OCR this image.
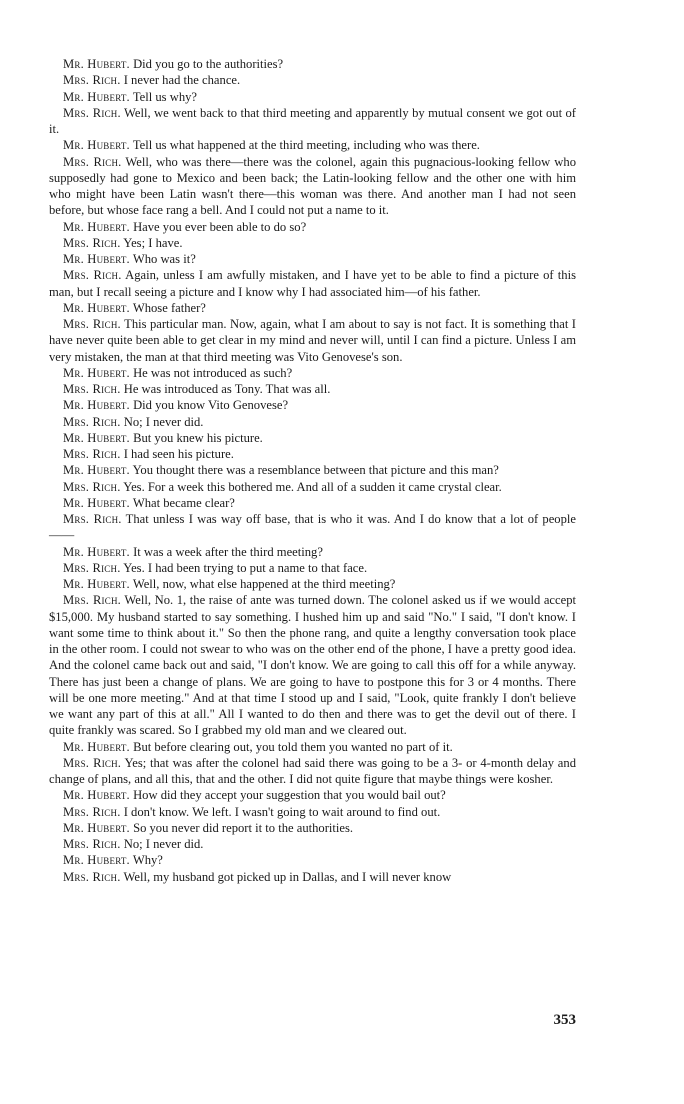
Mr. Hubert. Did you go to the authorities?

Mrs. Rich. I never had the chance.

Mr. Hubert. Tell us why?

Mrs. Rich. Well, we went back to that third meeting and apparently by mutual consent we got out of it.

Mr. Hubert. Tell us what happened at the third meeting, including who was there.

Mrs. Rich. Well, who was there—there was the colonel, again this pugnacious-looking fellow who supposedly had gone to Mexico and been back; the Latin-looking fellow and the other one with him who might have been Latin wasn't there—this woman was there. And another man I had not seen before, but whose face rang a bell. And I could not put a name to it.

Mr. Hubert. Have you ever been able to do so?

Mrs. Rich. Yes; I have.

Mr. Hubert. Who was it?

Mrs. Rich. Again, unless I am awfully mistaken, and I have yet to be able to find a picture of this man, but I recall seeing a picture and I know why I had associated him—of his father.

Mr. Hubert. Whose father?

Mrs. Rich. This particular man. Now, again, what I am about to say is not fact. It is something that I have never quite been able to get clear in my mind and never will, until I can find a picture. Unless I am very mistaken, the man at that third meeting was Vito Genovese's son.

Mr. Hubert. He was not introduced as such?

Mrs. Rich. He was introduced as Tony. That was all.

Mr. Hubert. Did you know Vito Genovese?

Mrs. Rich. No; I never did.

Mr. Hubert. But you knew his picture.

Mrs. Rich. I had seen his picture.

Mr. Hubert. You thought there was a resemblance between that picture and this man?

Mrs. Rich. Yes. For a week this bothered me. And all of a sudden it came crystal clear.

Mr. Hubert. What became clear?

Mrs. Rich. That unless I was way off base, that is who it was. And I do know that a lot of people——

Mr. Hubert. It was a week after the third meeting?

Mrs. Rich. Yes. I had been trying to put a name to that face.

Mr. Hubert. Well, now, what else happened at the third meeting?

Mrs. Rich. Well, No. 1, the raise of ante was turned down. The colonel asked us if we would accept $15,000. My husband started to say something. I hushed him up and said "No." I said, "I don't know. I want some time to think about it." So then the phone rang, and quite a lengthy conversation took place in the other room. I could not swear to who was on the other end of the phone, I have a pretty good idea. And the colonel came back out and said, "I don't know. We are going to call this off for a while anyway. There has just been a change of plans. We are going to have to postpone this for 3 or 4 months. There will be one more meeting." And at that time I stood up and I said, "Look, quite frankly I don't believe we want any part of this at all." All I wanted to do then and there was to get the devil out of there. I quite frankly was scared. So I grabbed my old man and we cleared out.

Mr. Hubert. But before clearing out, you told them you wanted no part of it.

Mrs. Rich. Yes; that was after the colonel had said there was going to be a 3- or 4-month delay and change of plans, and all this, that and the other. I did not quite figure that maybe things were kosher.

Mr. Hubert. How did they accept your suggestion that you would bail out?

Mrs. Rich. I don't know. We left. I wasn't going to wait around to find out.

Mr. Hubert. So you never did report it to the authorities.

Mrs. Rich. No; I never did.

Mr. Hubert. Why?

Mrs. Rich. Well, my husband got picked up in Dallas, and I will never know

353
